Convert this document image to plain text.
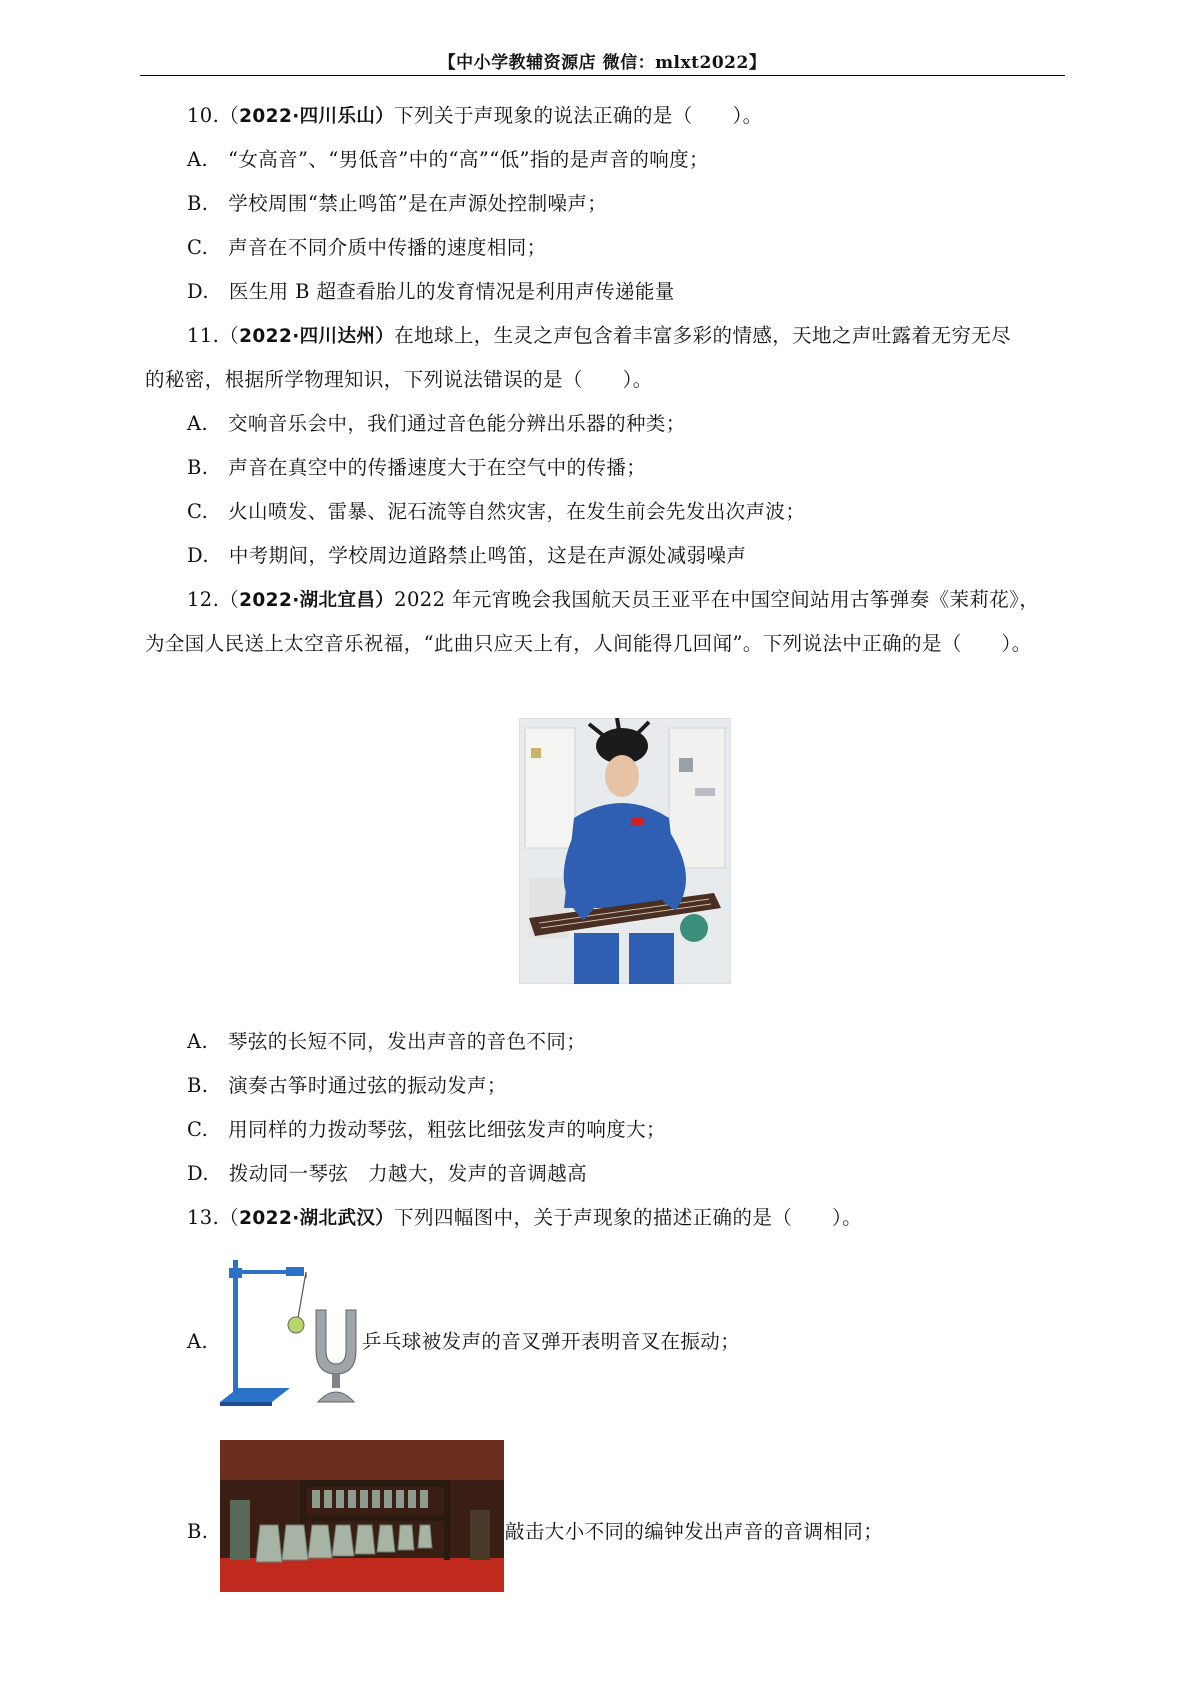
【中小学教辅资源店 微信：mlxt2022】
10.（2022·四川乐山）下列关于声现象的说法正确的是（　　）。
A.　“女高音”、“男低音”中的“高”“低”指的是声音的响度；
B.　学校周围“禁止鸣笛”是在声源处控制噪声；
C.　声音在不同介质中传播的速度相同；
D.　医生用 B 超查看胎儿的发育情况是利用声传递能量
11.（2022·四川达州）在地球上，生灵之声包含着丰富多彩的情感，天地之声吐露着无穷无尽
的秘密，根据所学物理知识，下列说法错误的是（　　）。
A.　交响音乐会中，我们通过音色能分辨出乐器的种类；
B.　声音在真空中的传播速度大于在空气中的传播；
C.　火山喷发、雷暴、泥石流等自然灾害，在发生前会先发出次声波；
D.　中考期间，学校周边道路禁止鸣笛，这是在声源处减弱噪声
12.（2022·湖北宜昌）2022 年元宵晚会我国航天员王亚平在中国空间站用古筝弹奏《茉莉花》，
为全国人民送上太空音乐祝福，“此曲只应天上有，人间能得几回闻”。下列说法中正确的是（　　）。
A.　琴弦的长短不同，发出声音的音色不同；
B.　演奏古筝时通过弦的振动发声；
C.　用同样的力拨动琴弦，粗弦比细弦发声的响度大；
D.　拨动同一琴弦　力越大，发声的音调越高
13.（2022·湖北武汉）下列四幅图中，关于声现象的描述正确的是（　　）。
A.	乒乓球被发声的音叉弹开表明音叉在振动；
B.	敲击大小不同的编钟发出声音的音调相同；
